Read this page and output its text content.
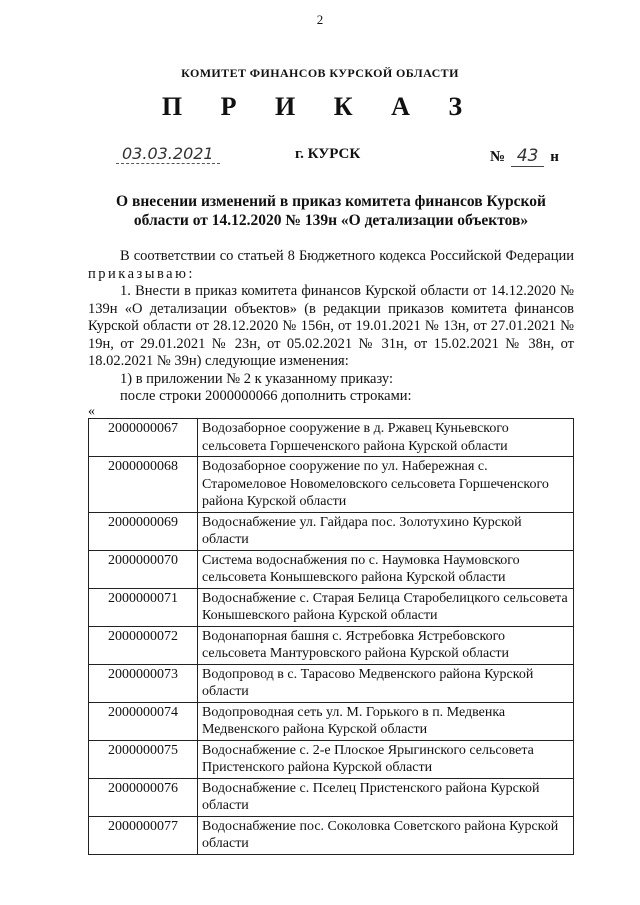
2
КОМИТЕТ ФИНАНСОВ КУРСКОЙ ОБЛАСТИ
П Р И К А З
03.03.2021	г. КУРСК	№ 43 н
О внесении изменений в приказ комитета финансов Курской области от 14.12.2020 № 139н «О детализации объектов»

В соответствии со статьей 8 Бюджетного кодекса Российской Федерации приказываю:

1. Внести в приказ комитета финансов Курской области от 14.12.2020 № 139н «О детализации объектов» (в редакции приказов комитета финансов Курской области от 28.12.2020 № 156н, от 19.01.2021 № 13н, от 27.01.2021 № 19н, от 29.01.2021 № 23н, от 05.02.2021 № 31н, от 15.02.2021 № 38н, от 18.02.2021 № 39н) следующие изменения:

1) в приложении № 2 к указанному приказу:

после строки 2000000066 дополнить строками:

«
2000000067	Водозаборное сооружение в д. Ржавец Куньевского сельсовета Горшеченского района Курской области
2000000068	Водозаборное сооружение по ул. Набережная с. Старомеловое Новомеловского сельсовета Горшеченского района Курской области
2000000069	Водоснабжение ул. Гайдара пос. Золотухино Курской области
2000000070	Система водоснабжения по с. Наумовка Наумовского сельсовета Конышевского района Курской области
2000000071	Водоснабжение с. Старая Белица Старобелицкого сельсовета Конышевского района Курской области
2000000072	Водонапорная башня с. Ястребовка Ястребовского сельсовета Мантуровского района Курской области
2000000073	Водопровод в с. Тарасово Медвенского района Курской области
2000000074	Водопроводная сеть ул. М. Горького в п. Медвенка Медвенского района Курской области
2000000075	Водоснабжение с. 2-е Плоское Ярыгинского сельсовета Пристенского района Курской области
2000000076	Водоснабжение с. Пселец Пристенского района Курской области
2000000077	Водоснабжение пос. Соколовка Советского района Курской области
